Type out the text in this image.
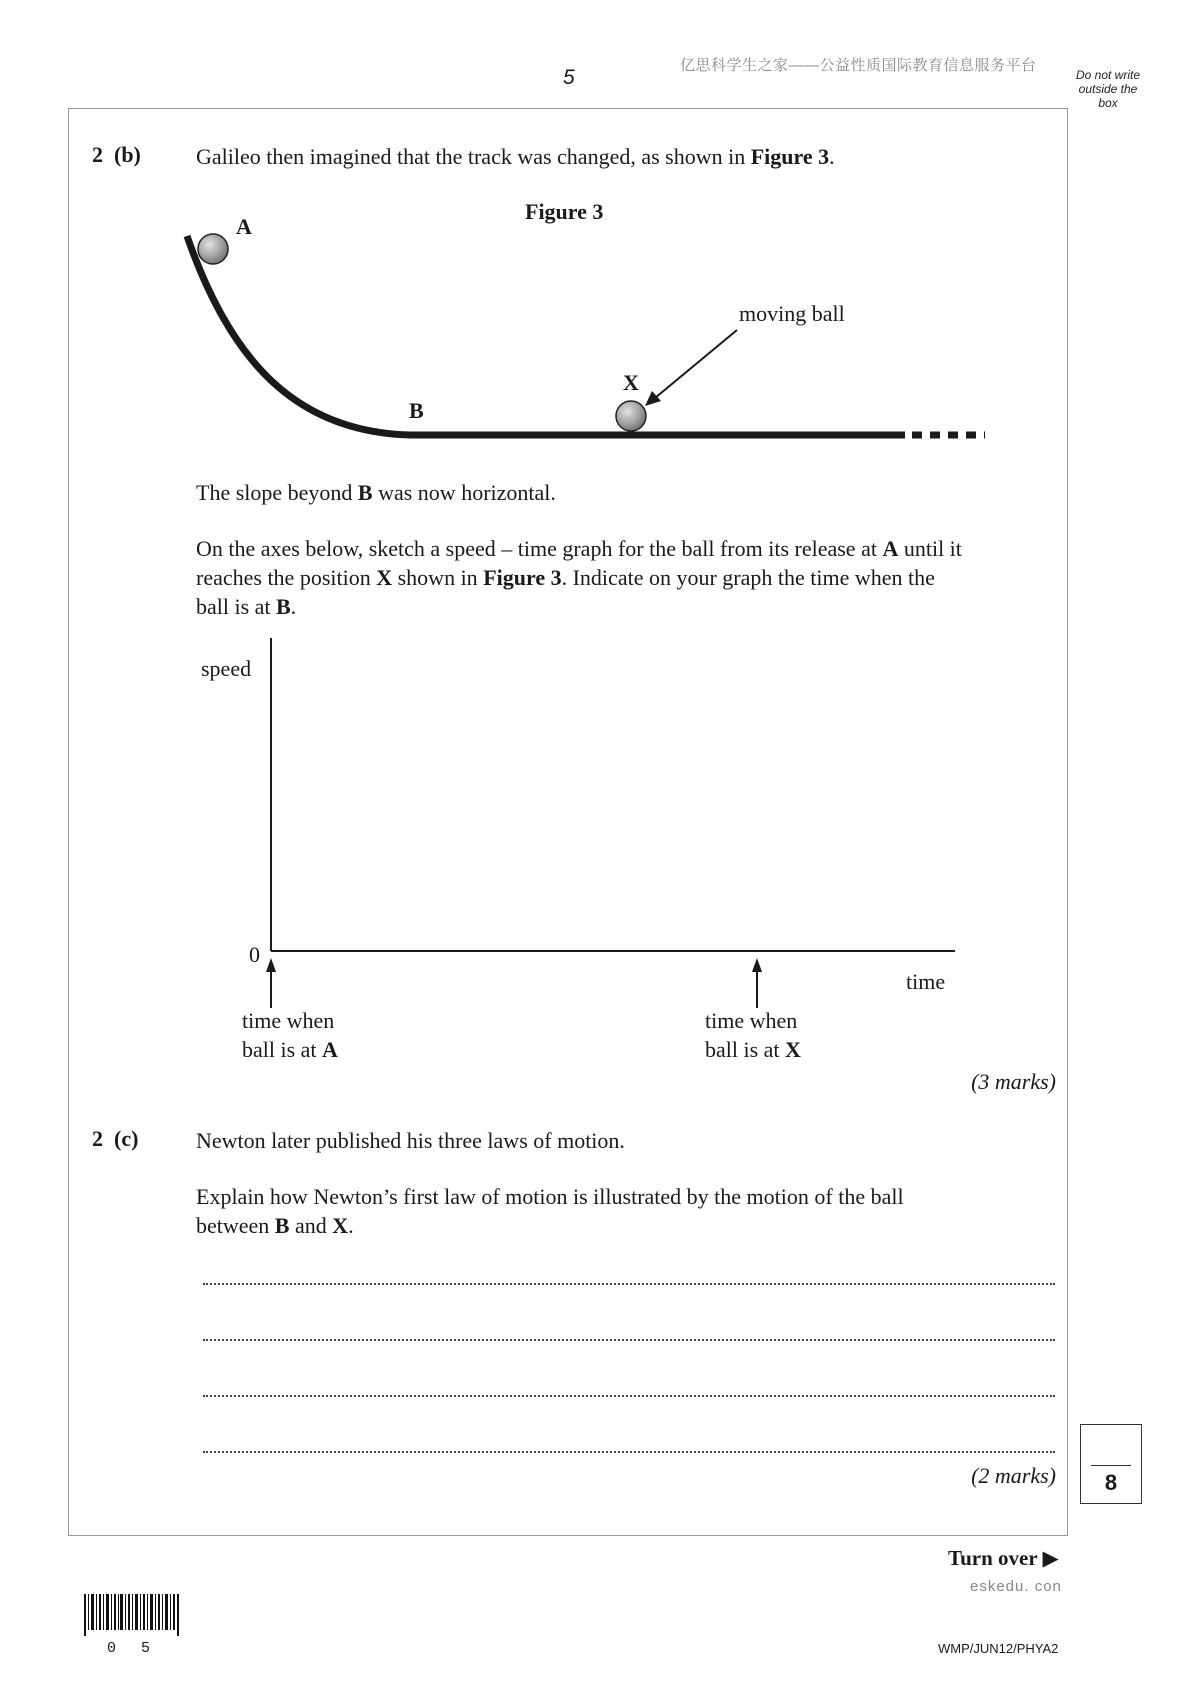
5
亿思科学生之家——公益性质国际教育信息服务平台
Do not write
outside the
box
2 (b)	Galileo then imagined that the track was changed, as shown in Figure 3.
Figure 3
A
B
X
moving ball
The slope beyond B was now horizontal.
On the axes below, sketch a speed – time graph for the ball from its release at A until it
reaches the position X shown in Figure 3. Indicate on your graph the time when the
ball is at B.
speed
0
time
time when
ball is at A
time when
ball is at X
(3 marks)
2 (c)	Newton later published his three laws of motion.
Explain how Newton’s first law of motion is illustrated by the motion of the ball
between B and X.
(2 marks)	8
Turn over ▶
eskedu. con
0 5	WMP/JUN12/PHYA2
